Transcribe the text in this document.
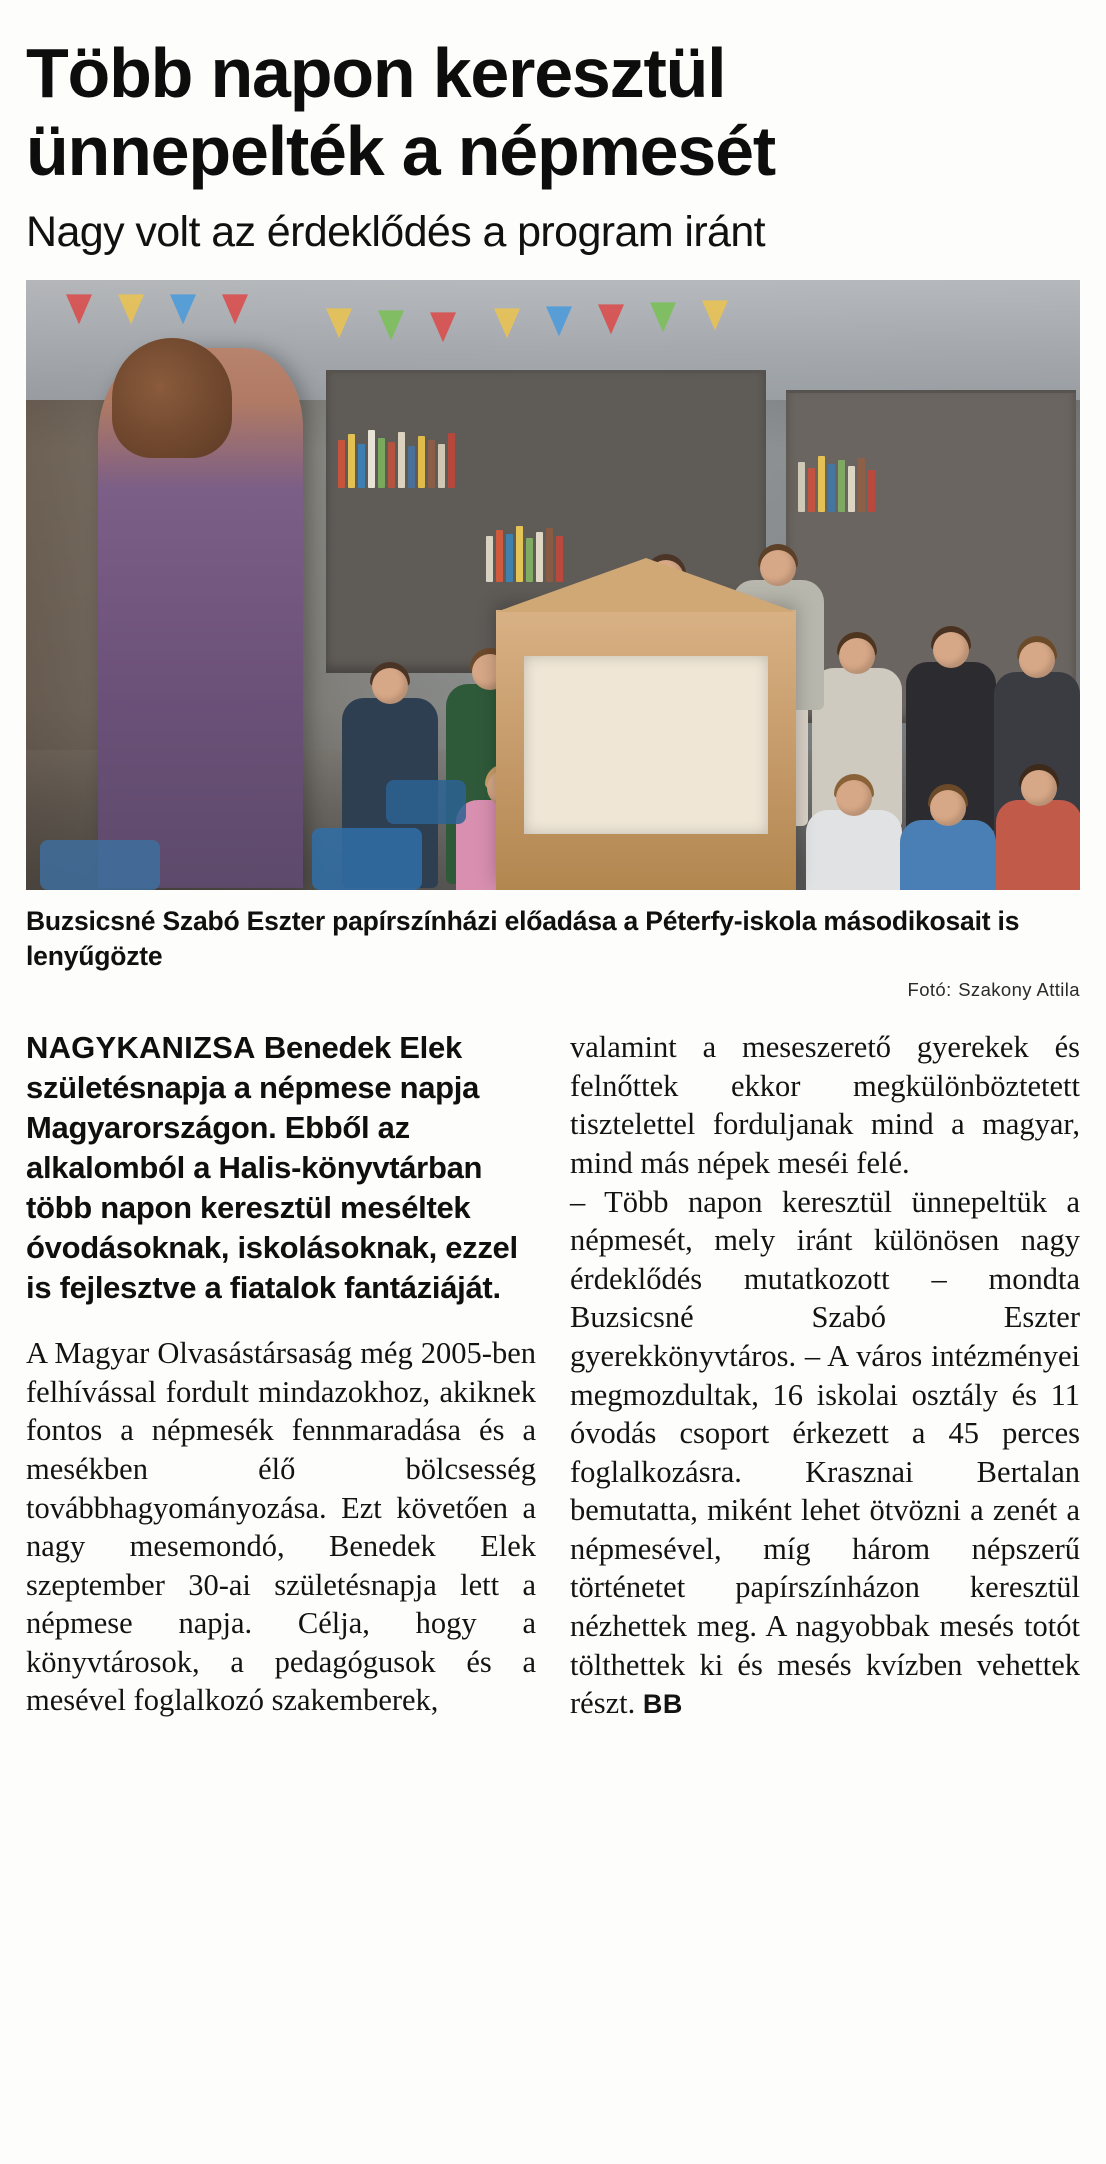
Több napon keresztül
ünnepelték a népmesét
Nagy volt az érdeklődés a program iránt
Buzsicsné Szabó Eszter papírszínházi előadása a Péterfy-iskola másodikosait is lenyűgözte
Fotó: Szakony Attila
NAGYKANIZSA Benedek Elek születésnapja a népmese napja Magyarországon. Ebből az alkalomból a Halis-könyvtárban több napon keresztül meséltek óvodásoknak, iskolásoknak, ezzel is fejlesztve a fiatalok fantáziáját.

A Magyar Olvasástársaság még 2005-ben felhívással fordult mindazokhoz, akiknek fontos a népmesék fennmaradása és a mesékben élő bölcsesség továbbhagyományozása. Ezt követően a nagy mesemondó, Benedek Elek szeptember 30-ai születésnapja lett a népmese napja. Célja, hogy a könyvtárosok, a pedagógusok és a mesével foglalkozó szakemberek,

valamint a meseszerető gyerekek és felnőttek ekkor megkülönböztetett tisztelettel forduljanak mind a magyar, mind más népek meséi felé.

– Több napon keresztül ünnepeltük a népmesét, mely iránt különösen nagy érdeklődés mutatkozott – mondta Buzsicsné Szabó Eszter gyerekkönyvtáros. – A város intézményei megmozdultak, 16 iskolai osztály és 11 óvodás csoport érkezett a 45 perces foglalkozásra. Krasznai Bertalan bemutatta, miként lehet ötvözni a zenét a népmesével, míg három népszerű történetet papírszínházon keresztül nézhettek meg. A nagyobbak mesés totót tölthettek ki és mesés kvízben vehettek részt. BB
